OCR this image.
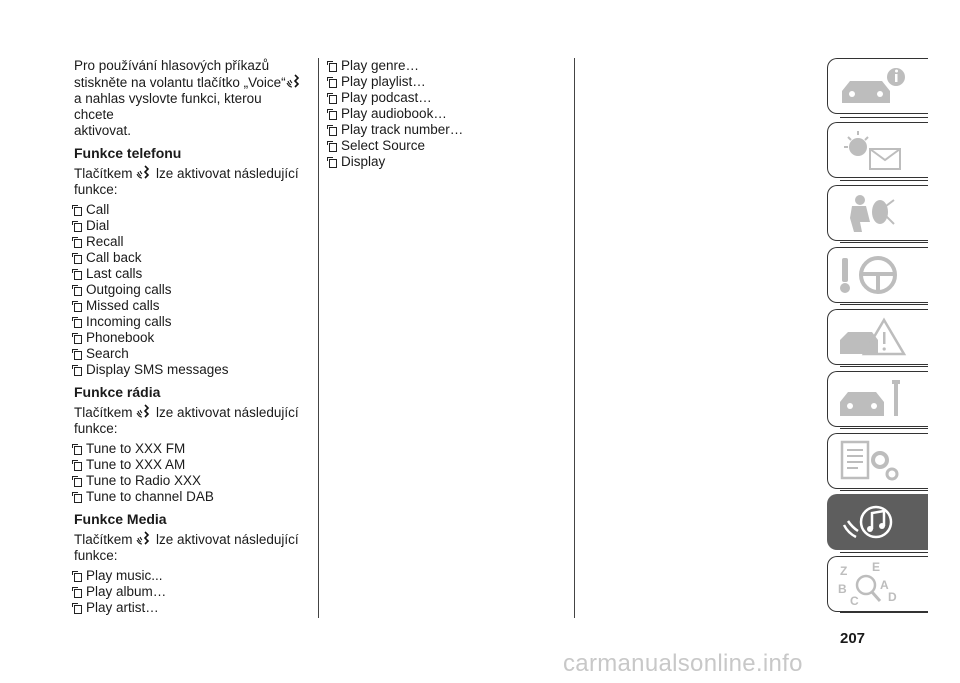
Pro používání hlasových příkazů
stiskněte na volantu tlačítko „Voice“
a nahlas vyslovte funkci, kterou chcete
aktivovat.

Funkce telefonu

Tlačítkem lze aktivovat následující
funkce:

Call
Dial
Recall
Call back
Last calls
Outgoing calls
Missed calls
Incoming calls
Phonebook
Search
Display SMS messages
Funkce rádia

Tlačítkem lze aktivovat následující
funkce:

Tune to XXX FM
Tune to XXX AM
Tune to Radio XXX
Tune to channel DAB
Funkce Media

Tlačítkem lze aktivovat následující
funkce:

Play music...
Play album…
Play artist…
Play genre…
Play playlist…
Play podcast…
Play audiobook…
Play track number…
Select Source
Display
Z E
B
C
A
D
207
carmanualsonline.info
